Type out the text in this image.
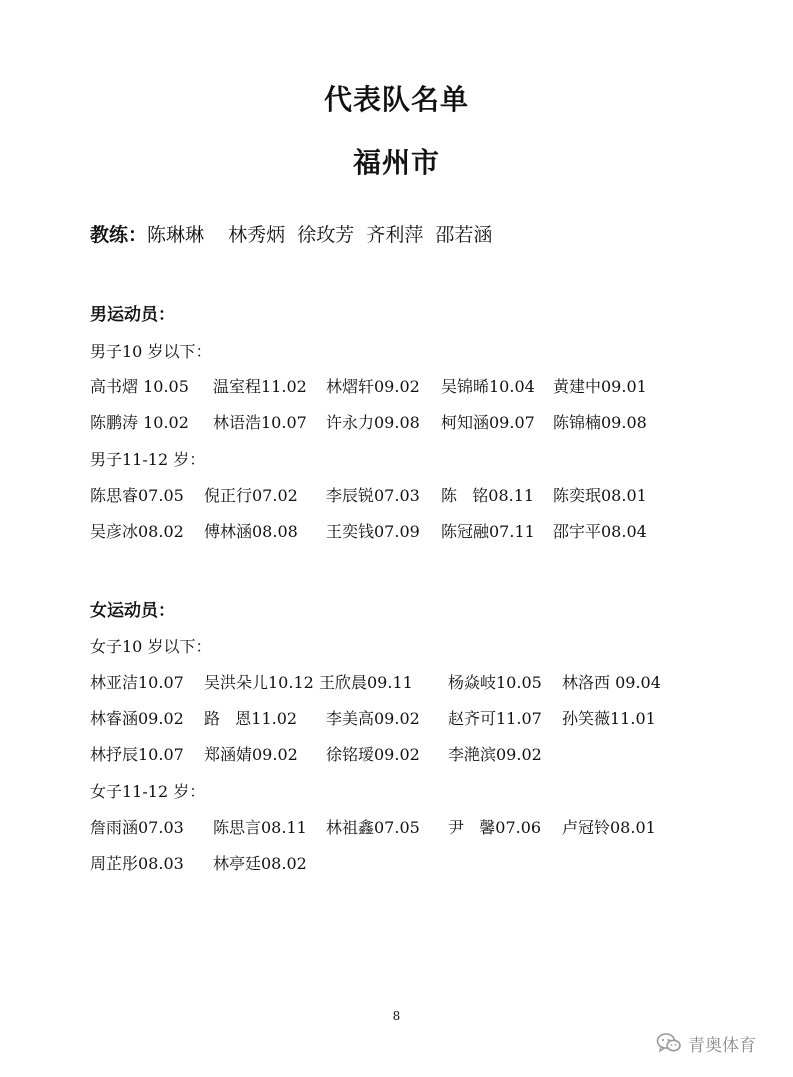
代表队名单
福州市
教练：陈琳琳    林秀炳  徐玫芳  齐利萍  邵若涵
男运动员：
男子10 岁以下：
高书熠 10.05 温室程11.02 林熠轩09.02 吴锦晞10.04 黄建中09.01
陈鹏涛 10.02 林语浩10.07 许永力09.08 柯知涵09.07 陈锦楠09.08
男子11-12 岁：
陈思睿07.05 倪正行07.02 李辰锐07.03 陈   铭08.11 陈奕珉08.01
吴彦冰08.02 傅林涵08.08 王奕钱07.09 陈冠融07.11 邵宇平08.04
女运动员：
女子10 岁以下：
林亚洁10.07 吴洪朵儿10.12 王欣晨09.11 杨焱岐10.05 林洛西 09.04
林睿涵09.02 路   恩11.02 李美高09.02 赵齐可11.07 孙笑薇11.01
林抒辰10.07 郑涵婧09.02 徐铭瑷09.02 李滟滨09.02
女子11-12 岁：
詹雨涵07.03 陈思言08.11 林祖鑫07.05 尹   馨07.06 卢冠铃08.01
周芷彤08.03 林亭廷08.02
8
青奥体育
